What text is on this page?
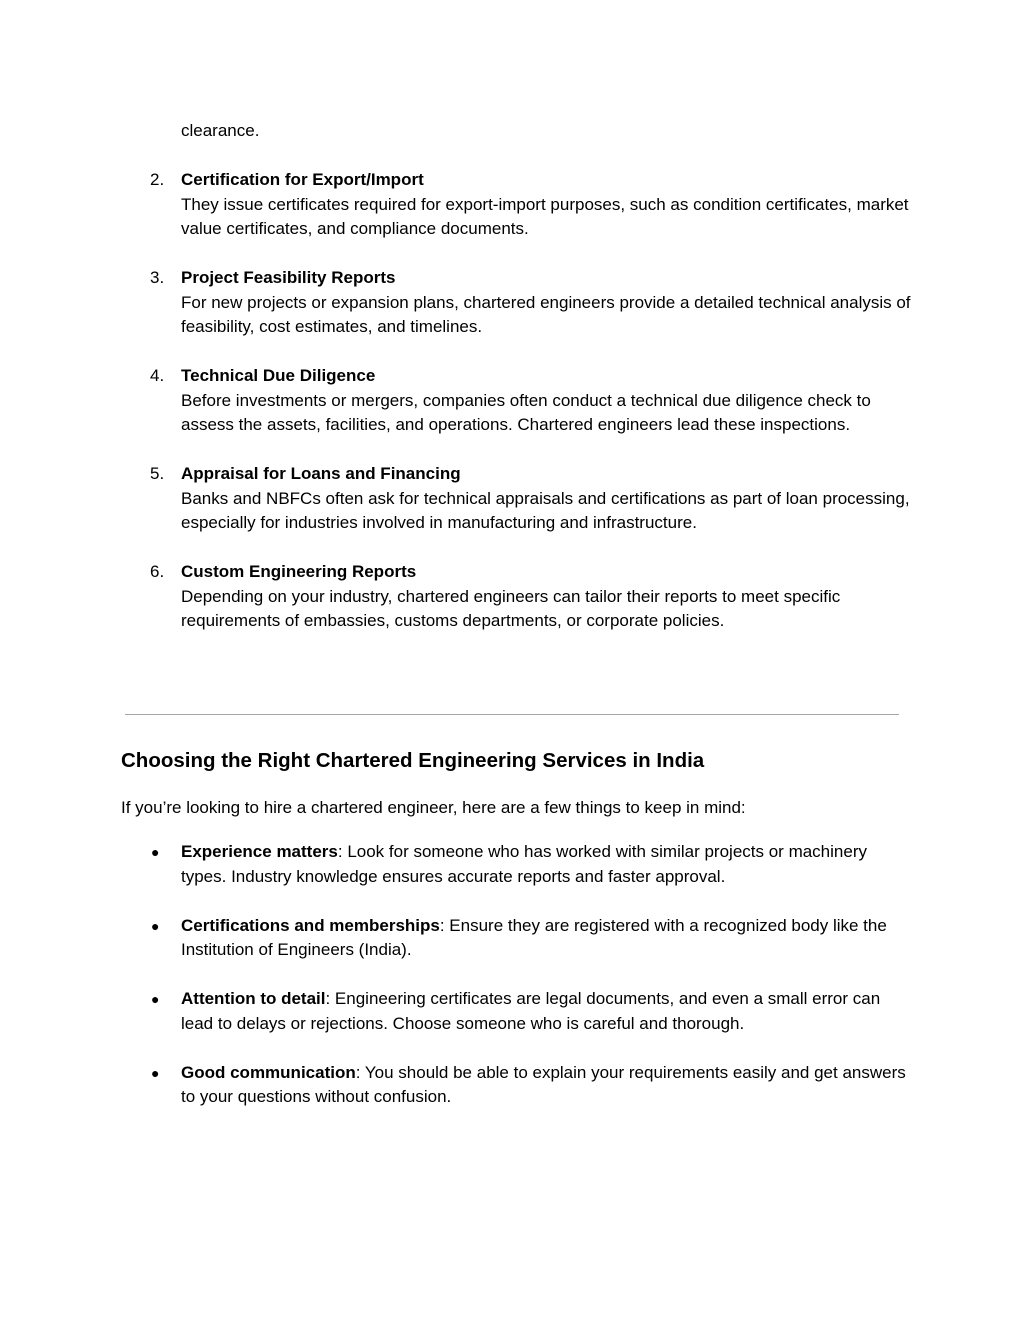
clearance.

2. Certification for Export/Import
They issue certificates required for export-import purposes, such as condition certificates, market value certificates, and compliance documents.
3. Project Feasibility Reports
For new projects or expansion plans, chartered engineers provide a detailed technical analysis of feasibility, cost estimates, and timelines.
4. Technical Due Diligence
Before investments or mergers, companies often conduct a technical due diligence check to assess the assets, facilities, and operations. Chartered engineers lead these inspections.
5. Appraisal for Loans and Financing
Banks and NBFCs often ask for technical appraisals and certifications as part of loan processing, especially for industries involved in manufacturing and infrastructure.
6. Custom Engineering Reports
Depending on your industry, chartered engineers can tailor their reports to meet specific requirements of embassies, customs departments, or corporate policies.
Choosing the Right Chartered Engineering Services in India

If you’re looking to hire a chartered engineer, here are a few things to keep in mind:

● Experience matters: Look for someone who has worked with similar projects or machinery types. Industry knowledge ensures accurate reports and faster approval.
● Certifications and memberships: Ensure they are registered with a recognized body like the Institution of Engineers (India).
● Attention to detail: Engineering certificates are legal documents, and even a small error can lead to delays or rejections. Choose someone who is careful and thorough.
● Good communication: You should be able to explain your requirements easily and get answers to your questions without confusion.
